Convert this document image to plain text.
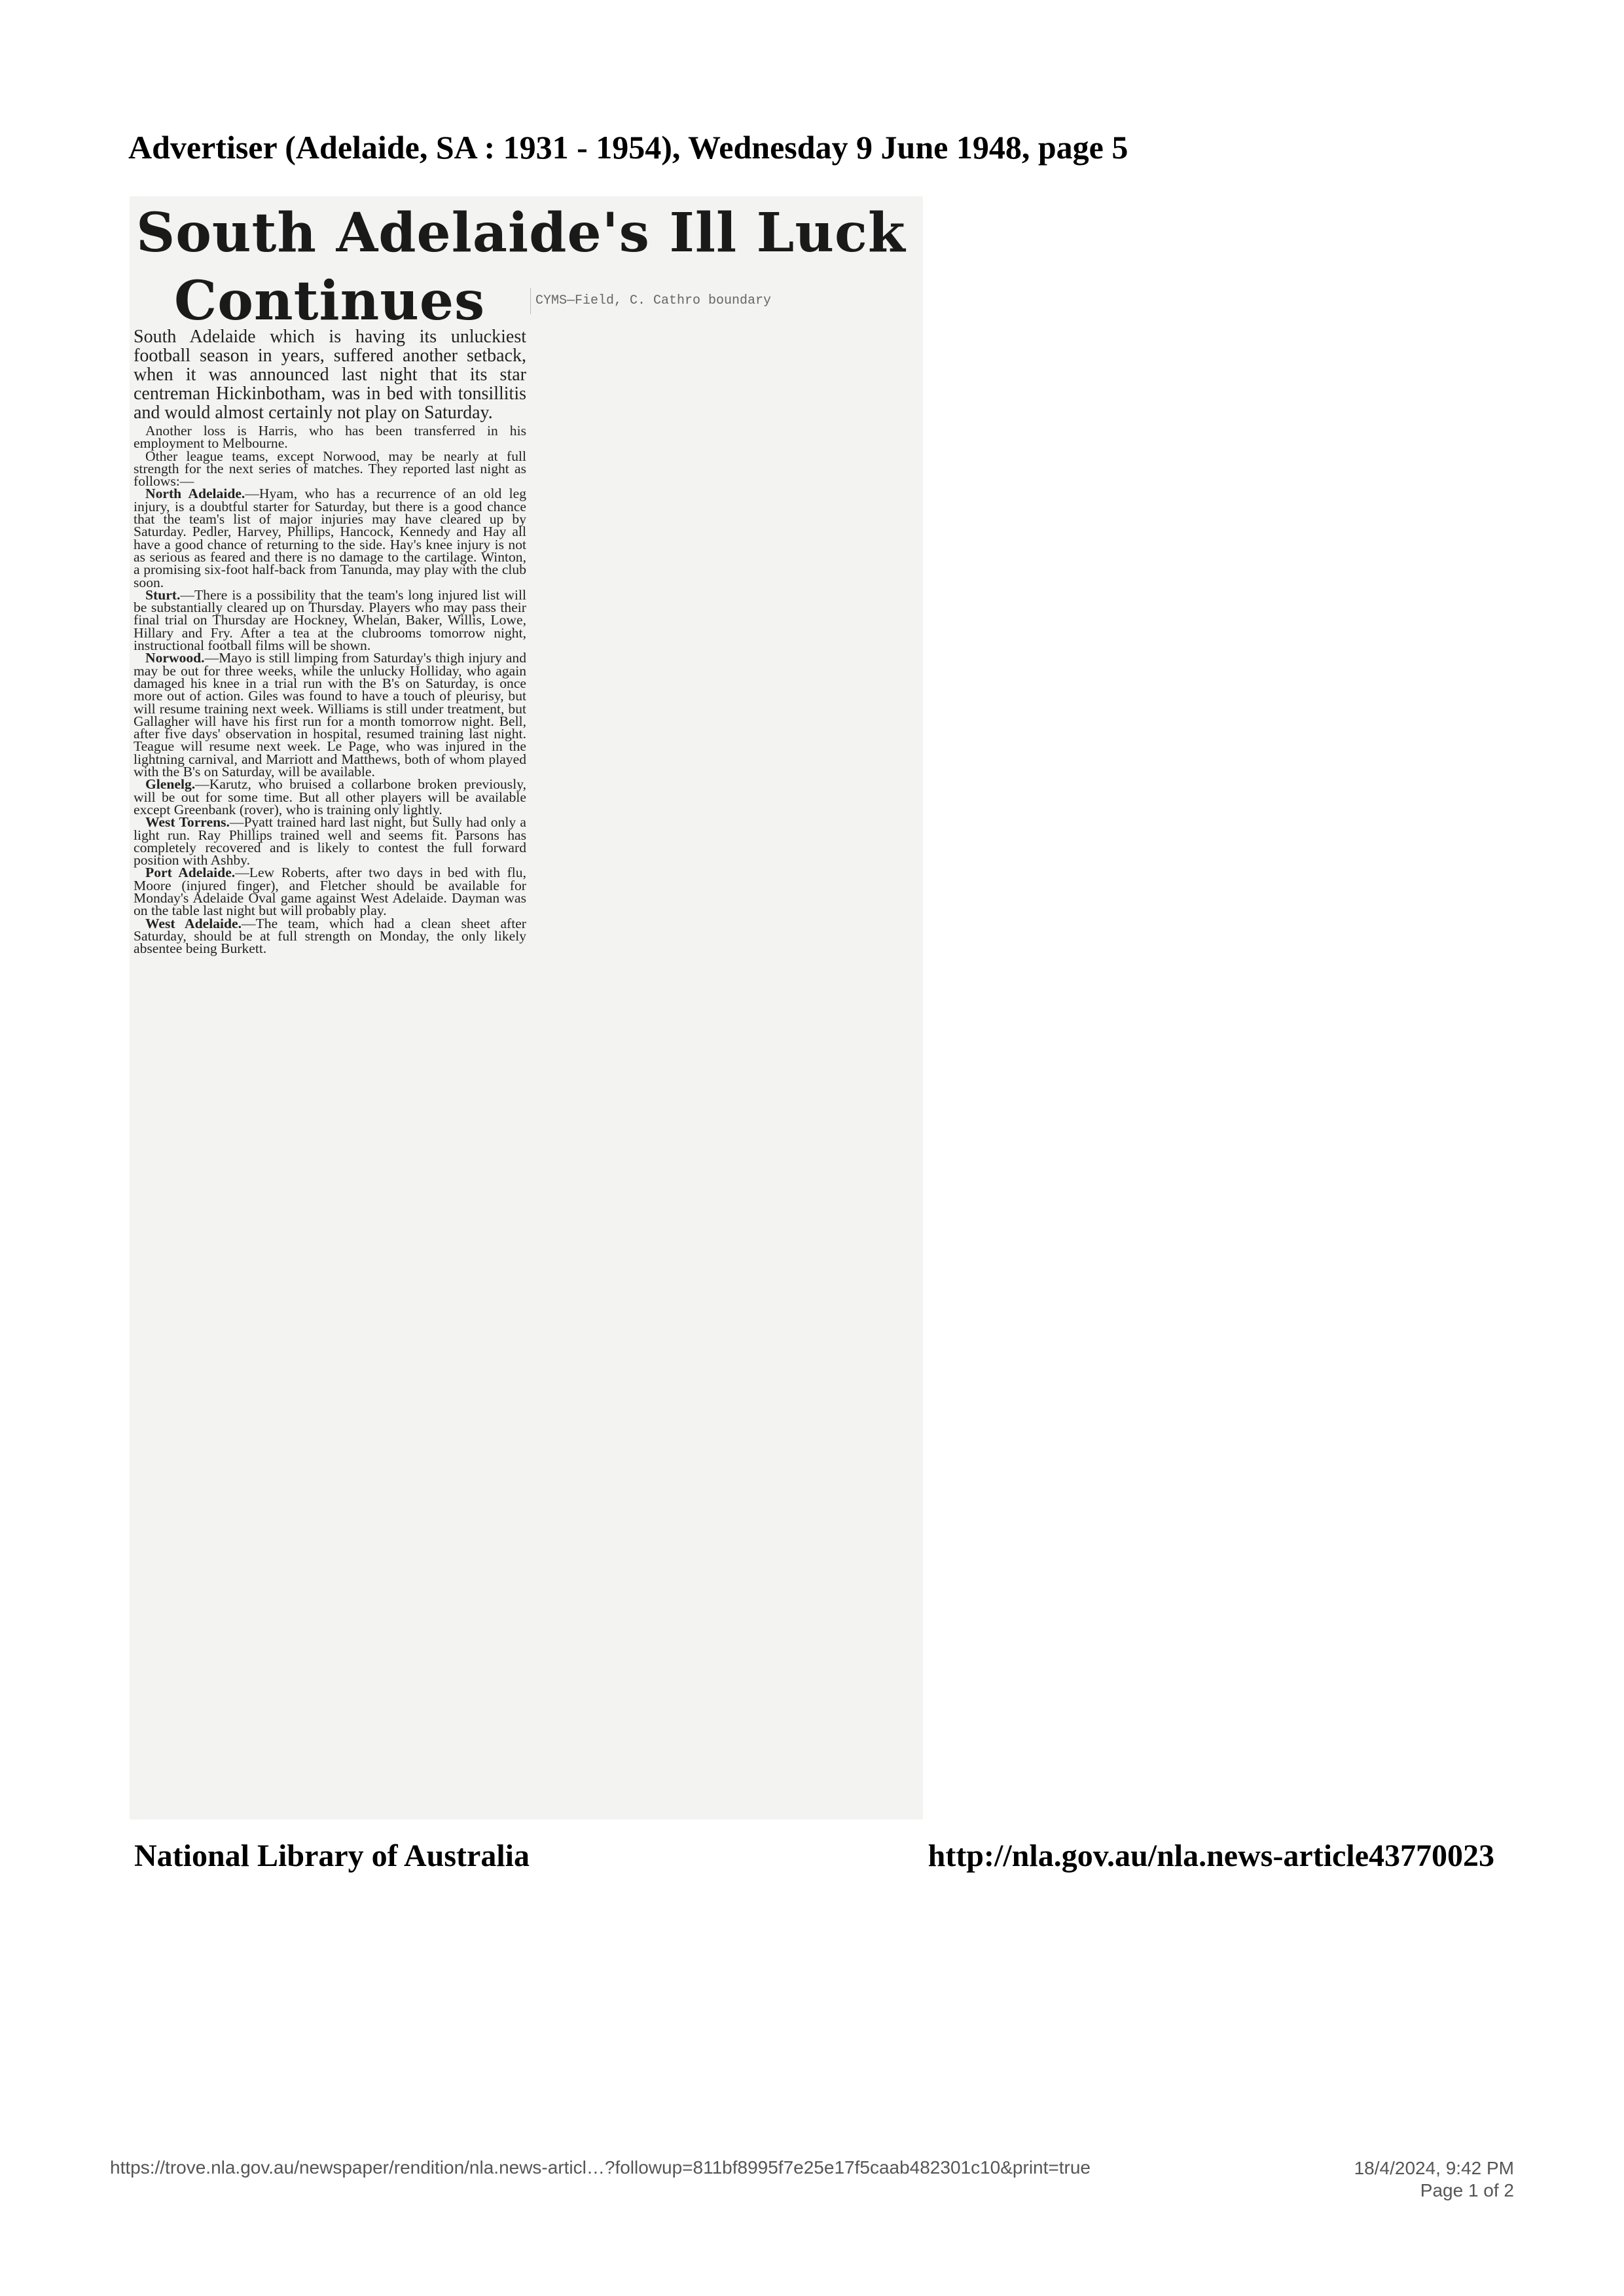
Advertiser (Adelaide, SA : 1931 - 1954), Wednesday 9 June 1948, page 5
South Adelaide's Ill Luck
Continues	CYMS—Field, C. Cathro boundary

South Adelaide which is having its unluckiest football season in years, suffered another setback, when it was announced last night that its star centreman Hickinbotham, was in bed with tonsillitis and would almost certainly not play on Saturday.

Another loss is Harris, who has been transferred in his employment to Melbourne.

Other league teams, except Norwood, may be nearly at full strength for the next series of matches. They reported last night as follows:—

North Adelaide.—Hyam, who has a recurrence of an old leg injury, is a doubtful starter for Saturday, but there is a good chance that the team's list of major injuries may have cleared up by Saturday. Pedler, Harvey, Phillips, Hancock, Kennedy and Hay all have a good chance of returning to the side. Hay's knee injury is not as serious as feared and there is no damage to the cartilage. Winton, a promising six-foot half-back from Tanunda, may play with the club soon.

Sturt.—There is a possibility that the team's long injured list will be substantially cleared up on Thursday. Players who may pass their final trial on Thursday are Hockney, Whelan, Baker, Willis, Lowe, Hillary and Fry. After a tea at the clubrooms tomorrow night, instructional football films will be shown.

Norwood.—Mayo is still limping from Saturday's thigh injury and may be out for three weeks, while the unlucky Holliday, who again damaged his knee in a trial run with the B's on Saturday, is once more out of action. Giles was found to have a touch of pleurisy, but will resume training next week. Williams is still under treatment, but Gallagher will have his first run for a month tomorrow night. Bell, after five days' observation in hospital, resumed training last night. Teague will resume next week. Le Page, who was injured in the lightning carnival, and Marriott and Matthews, both of whom played with the B's on Saturday, will be available.

Glenelg.—Karutz, who bruised a collarbone broken previously, will be out for some time. But all other players will be available except Greenbank (rover), who is training only lightly.

West Torrens.—Pyatt trained hard last night, but Sully had only a light run. Ray Phillips trained well and seems fit. Parsons has completely recovered and is likely to contest the full forward position with Ashby.

Port Adelaide.—Lew Roberts, after two days in bed with flu, Moore (injured finger), and Fletcher should be available for Monday's Adelaide Oval game against West Adelaide. Dayman was on the table last night but will probably play.

West Adelaide.—The team, which had a clean sheet after Saturday, should be at full strength on Monday, the only likely absentee being Burkett.

National Library of Australia	http://nla.gov.au/nla.news-article43770023
https://trove.nla.gov.au/newspaper/rendition/nla.news-articl…?followup=811bf8995f7e25e17f5caab482301c10&print=true	18/4/2024, 9:42 PM
Page 1 of 2
